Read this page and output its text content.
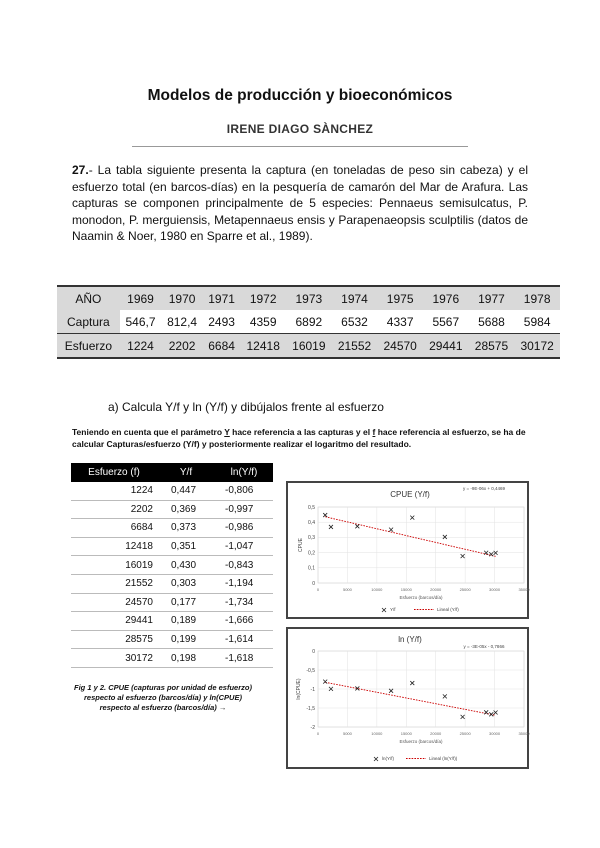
Modelos de producción y bioeconómicos
IRENE DIAGO SÀNCHEZ
27.- La tabla siguiente presenta la captura (en toneladas de peso sin cabeza) y el esfuerzo total (en barcos-días) en la pesquería de camarón del Mar de Arafura. Las capturas se componen principalmente de 5 especies: Pennaeus semisulcatus, P. monodon, P. merguiensis, Metapennaeus ensis y Parapenaeopsis sculptilis (datos de Naamin & Noer, 1980 en Sparre et al., 1989).
AÑO	1969	1970	1971	1972	1973	1974	1975	1976	1977	1978
Captura	546,7	812,4	2493	4359	6892	6532	4337	5567	5688	5984
Esfuerzo	1224	2202	6684	12418	16019	21552	24570	29441	28575	30172
a) Calcula Y/f y ln (Y/f) y dibújalos frente al esfuerzo
Teniendo en cuenta que el parámetro Y hace referencia a las capturas y el f hace referencia al esfuerzo, se ha de calcular Capturas/esfuerzo (Y/f) y posteriormente realizar el logaritmo del resultado.
Esfuerzo (f)	Y/f	ln(Y/f)
1224	0,447	-0,806
2202	0,369	-0,997
6684	0,373	-0,986
12418	0,351	-1,047
16019	0,430	-0,843
21552	0,303	-1,194
24570	0,177	-1,734
29441	0,189	-1,666
28575	0,199	-1,614
30172	0,198	-1,618
Fig 1 y 2. CPUE (capturas por unidad de esfuerzo) respecto al esfuerzo (barcos/día) y ln(CPUE) respecto al esfuerzo (barcos/día) →
CPUE (Y/f)
y = -9E-06x + 0,4469
0
0,1
0,2
0,3
0,4
0,5
0	5000	10000	15000	20000	25000	30000	35000
Esfuerzo (barcos/día)
CPUE
Y/f	Lineal (Y/f)
ln (Y/f)
y = -3E-05x - 0,7866
0
-0,5
-1
-1,5
-2
0	5000	10000	15000	20000	25000	30000	35000
Esfuerzo (barcos/día)
ln(CPUE)
ln(Y/f)	Lineal (ln(Y/f))
